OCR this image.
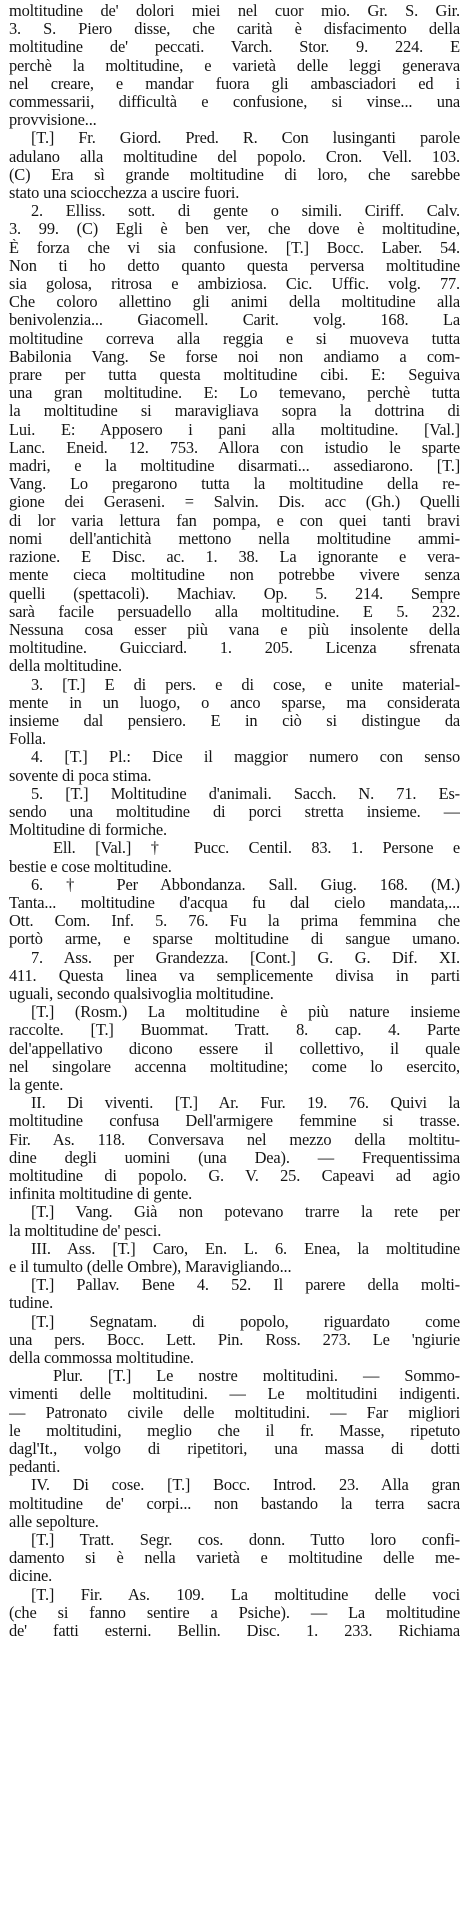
moltitudine de' dolori miei nel cuor mio. Gr. S. Gir.
3. S. Piero disse, che carità è disfacimento della
moltitudine de' peccati. Varch. Stor. 9. 224. E
perchè la moltitudine, e varietà delle leggi generava
nel creare, e mandar fuora gli ambasciadori ed i
commessarii, difficultà e confusione, si vinse... una
provvisione...
[T.] Fr. Giord. Pred. R. Con lusinganti parole
adulano alla moltitudine del popolo. Cron. Vell. 103.
(C) Era sì grande moltitudine di loro, che sarebbe
stato una sciocchezza a uscire fuori.
2. Elliss. sott. di gente o simili. Ciriff. Calv.
3. 99. (C) Egli è ben ver, che dove è moltitudine,
È forza che vi sia confusione. [T.] Bocc. Laber. 54.
Non ti ho detto quanto questa perversa moltitudine
sia golosa, ritrosa e ambiziosa. Cic. Uffic. volg. 77.
Che coloro allettino gli animi della moltitudine alla
benivolenzia... Giacomell. Carit. volg. 168. La
moltitudine correva alla reggia e si muoveva tutta
Babilonia Vang. Se forse noi non andiamo a com-
prare per tutta questa moltitudine cibi. E: Seguiva
una gran moltitudine. E: Lo temevano, perchè tutta
la moltitudine si maravigliava sopra la dottrina di
Lui. E: Apposero i pani alla moltitudine. [Val.]
Lanc. Eneid. 12. 753. Allora con istudio le sparte
madri, e la moltitudine disarmati... assediarono. [T.]
Vang. Lo pregarono tutta la moltitudine della re-
gione dei Geraseni. = Salvin. Dis. acc (Gh.) Quelli
di lor varia lettura fan pompa, e con quei tanti bravi
nomi dell'antichità mettono nella moltitudine ammi-
razione. E Disc. ac. 1. 38. La ignorante e vera-
mente cieca moltitudine non potrebbe vivere senza
quelli (spettacoli). Machiav. Op. 5. 214. Sempre
sarà facile persuadello alla moltitudine. E 5. 232.
Nessuna cosa esser più vana e più insolente della
moltitudine. Guicciard. 1. 205. Licenza sfrenata
della moltitudine.
3. [T.] E di pers. e di cose, e unite material-
mente in un luogo, o anco sparse, ma considerata
insieme dal pensiero. E in ciò si distingue da
Folla.
4. [T.] Pl.: Dice il maggior numero con senso
sovente di poca stima.
5. [T.] Moltitudine d'animali. Sacch. N. 71. Es-
sendo una moltitudine di porci stretta insieme. —
Moltitudine di formiche.
Ell. [Val.] † Pucc. Centil. 83. 1. Persone e
bestie e cose moltitudine.
6. † Per Abbondanza. Sall. Giug. 168. (M.)
Tanta... moltitudine d'acqua fu dal cielo mandata,...
Ott. Com. Inf. 5. 76. Fu la prima femmina che
portò arme, e sparse moltitudine di sangue umano.
7. Ass. per Grandezza. [Cont.] G. G. Dif. XI.
411. Questa linea va semplicemente divisa in parti
uguali, secondo qualsivoglia moltitudine.
[T.] (Rosm.) La moltitudine è più nature insieme
raccolte. [T.] Buommat. Tratt. 8. cap. 4. Parte
del'appellativo dicono essere il collettivo, il quale
nel singolare accenna moltitudine; come lo esercito,
la gente.
II. Di viventi. [T.] Ar. Fur. 19. 76. Quivi la
moltitudine confusa Dell'armigere femmine si trasse.
Fir. As. 118. Conversava nel mezzo della moltitu-
dine degli uomini (una Dea). — Frequentissima
moltitudine di popolo. G. V. 25. Capeavi ad agio
infinita moltitudine di gente.
[T.] Vang. Già non potevano trarre la rete per
la moltitudine de' pesci.
III. Ass. [T.] Caro, En. L. 6. Enea, la moltitudine
e il tumulto (delle Ombre), Maravigliando...
[T.] Pallav. Bene 4. 52. Il parere della molti-
tudine.
[T.] Segnatam. di popolo, riguardato come
una pers. Bocc. Lett. Pin. Ross. 273. Le 'ngiurie
della commossa moltitudine.
Plur. [T.] Le nostre moltitudini. — Sommo-
vimenti delle moltitudini. — Le moltitudini indigenti.
— Patronato civile delle moltitudini. — Far migliori
le moltitudini, meglio che il fr. Masse, ripetuto
dagl'It., volgo di ripetitori, una massa di dotti
pedanti.
IV. Di cose. [T.] Bocc. Introd. 23. Alla gran
moltitudine de' corpi... non bastando la terra sacra
alle sepolture.
[T.] Tratt. Segr. cos. donn. Tutto loro confi-
damento si è nella varietà e moltitudine delle me-
dicine.
[T.] Fir. As. 109. La moltitudine delle voci
(che si fanno sentire a Psiche). — La moltitudine
de' fatti esterni. Bellin. Disc. 1. 233. Richiama
